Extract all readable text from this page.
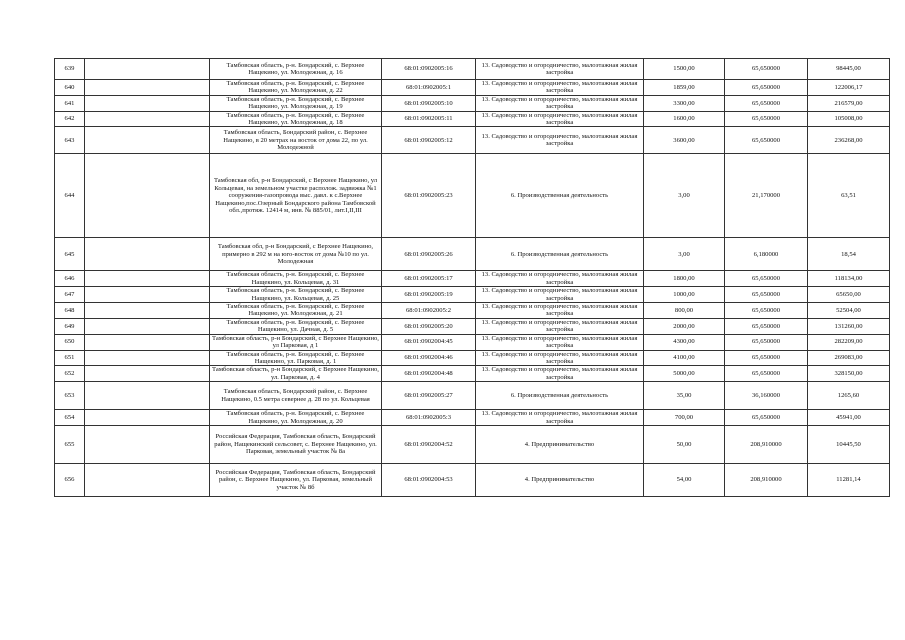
639		Тамбовская область, р-н. Бондарский, с. Верхнее Нащекино, ул. Молодежная, д. 16	68:01:0902005:16	13. Садоводство и огородничество, малоэтажная жилая застройка	1500,00	65,650000	98445,00
640		Тамбовская область, р-н. Бондарский, с. Верхнее Нащекино, ул. Молодежная, д. 22	68:01:0902005:1	13. Садоводство и огородничество, малоэтажная жилая застройка	1859,00	65,650000	122006,17
641		Тамбовская область, р-н. Бондарский, с. Верхнее Нащекино, ул. Молодежная, д. 19	68:01:0902005:10	13. Садоводство и огородничество, малоэтажная жилая застройка	3300,00	65,650000	216579,00
642		Тамбовская область, р-н. Бондарский, с. Верхнее Нащекино, ул. Молодежная, д. 18	68:01:0902005:11	13. Садоводство и огородничество, малоэтажная жилая застройка	1600,00	65,650000	105008,00
643		Тамбовская область, Бондарский район, с. Верхнее Нащекино, в 20 метрах на восток от дома 22, по ул. Молодежной	68:01:0902005:12	13. Садоводство и огородничество, малоэтажная жилая застройка	3600,00	65,650000	236268,00
644		Тамбовская обл, р-н Бондарский, с Верхнее Нащекино, ул Кольцевая, на земельном участке располож. задвижка №1 сооружения-газопровода выс. давл. к с.Верхнее Нащекино,пос.Озерный Бондарского района Тамбовской обл.,протяж. 12414 м, инв. № 885/01, лит.I,II,III	68:01:0902005:23	6. Производственная деятельность	3,00	21,170000	63,51
645		Тамбовская обл, р-н Бондарский, с Верхнее Нащекино, примерно в 292 м на юго-восток от дома №10 по ул. Молодежная	68:01:0902005:26	6. Производственная деятельность	3,00	6,180000	18,54
646		Тамбовская область, р-н. Бондарский, с. Верхнее Нащекино, ул. Кольцевая, д. 31	68:01:0902005:17	13. Садоводство и огородничество, малоэтажная жилая застройка	1800,00	65,650000	118134,00
647		Тамбовская область, р-н. Бондарский, с. Верхнее Нащекино, ул. Кольцевая, д. 25	68:01:0902005:19	13. Садоводство и огородничество, малоэтажная жилая застройка	1000,00	65,650000	65650,00
648		Тамбовская область, р-н. Бондарский, с. Верхнее Нащекино, ул. Молодежная, д. 21	68:01:0902005:2	13. Садоводство и огородничество, малоэтажная жилая застройка	800,00	65,650000	52504,00
649		Тамбовская область, р-н. Бондарский, с. Верхнее Нащекино, ул. Дачная, д. 5	68:01:0902005:20	13. Садоводство и огородничество, малоэтажная жилая застройка	2000,00	65,650000	131260,00
650		Тамбовская область, р-н Бондарский, с Верхнее Нащекино, ул Парковая, д 1	68:01:0902004:45	13. Садоводство и огородничество, малоэтажная жилая застройка	4300,00	65,650000	282209,00
651		Тамбовская область, р-н. Бондарский, с. Верхнее Нащекино, ул. Парковая, д. 1	68:01:0902004:46	13. Садоводство и огородничество, малоэтажная жилая застройка	4100,00	65,650000	269083,00
652		Тамбовская область, р-н Бондарский, с Верхнее Нащекино, ул. Парковая, д. 4	68:01:0902004:48	13. Садоводство и огородничество, малоэтажная жилая застройка	5000,00	65,650000	328150,00
653		Тамбовская область, Бондарский район, с. Верхнее Нащекино, 0.5 метра севернее д. 28 по ул. Кольцевая	68:01:0902005:27	6. Производственная деятельность	35,00	36,160000	1265,60
654		Тамбовская область, р-н. Бондарский, с. Верхнее Нащекино, ул. Молодежная, д. 20	68:01:0902005:3	13. Садоводство и огородничество, малоэтажная жилая застройка	700,00	65,650000	45941,00
655		Российская Федерация, Тамбовская область, Бондарский район, Нащекинский сельсовет, с. Верхнее Нащекино, ул. Парковая, земельный участок № 8а	68:01:0902004:52	4. Предпринимательство	50,00	208,910000	10445,50
656		Российская Федерация, Тамбовская область, Бондарский район, с. Верхнее Нащекино, ул. Парковая, земельный участок № 8б	68:01:0902004:53	4. Предпринимательство	54,00	208,910000	11281,14
